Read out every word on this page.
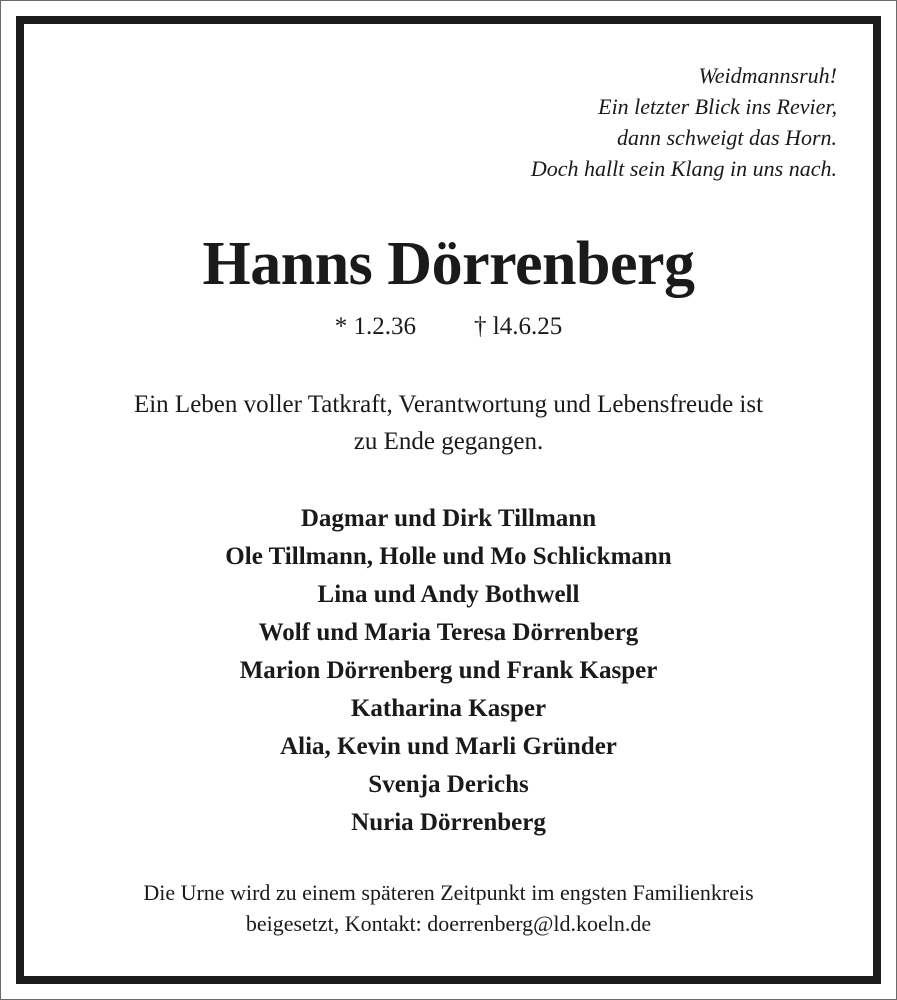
Weidmannsruh!
Ein letzter Blick ins Revier,
dann schweigt das Horn.
Doch hallt sein Klang in uns nach.
Hanns Dörrenberg
* 1.2.36 † l4.6.25
Ein Leben voller Tatkraft, Verantwortung und Lebensfreude ist
zu Ende gegangen.
Dagmar und Dirk Tillmann
Ole Tillmann, Holle und Mo Schlickmann
Lina und Andy Bothwell
Wolf und Maria Teresa Dörrenberg
Marion Dörrenberg und Frank Kasper
Katharina Kasper
Alia, Kevin und Marli Gründer
Svenja Derichs
Nuria Dörrenberg
Die Urne wird zu einem späteren Zeitpunkt im engsten Familienkreis
beigesetzt, Kontakt: doerrenberg@ld.koeln.de
